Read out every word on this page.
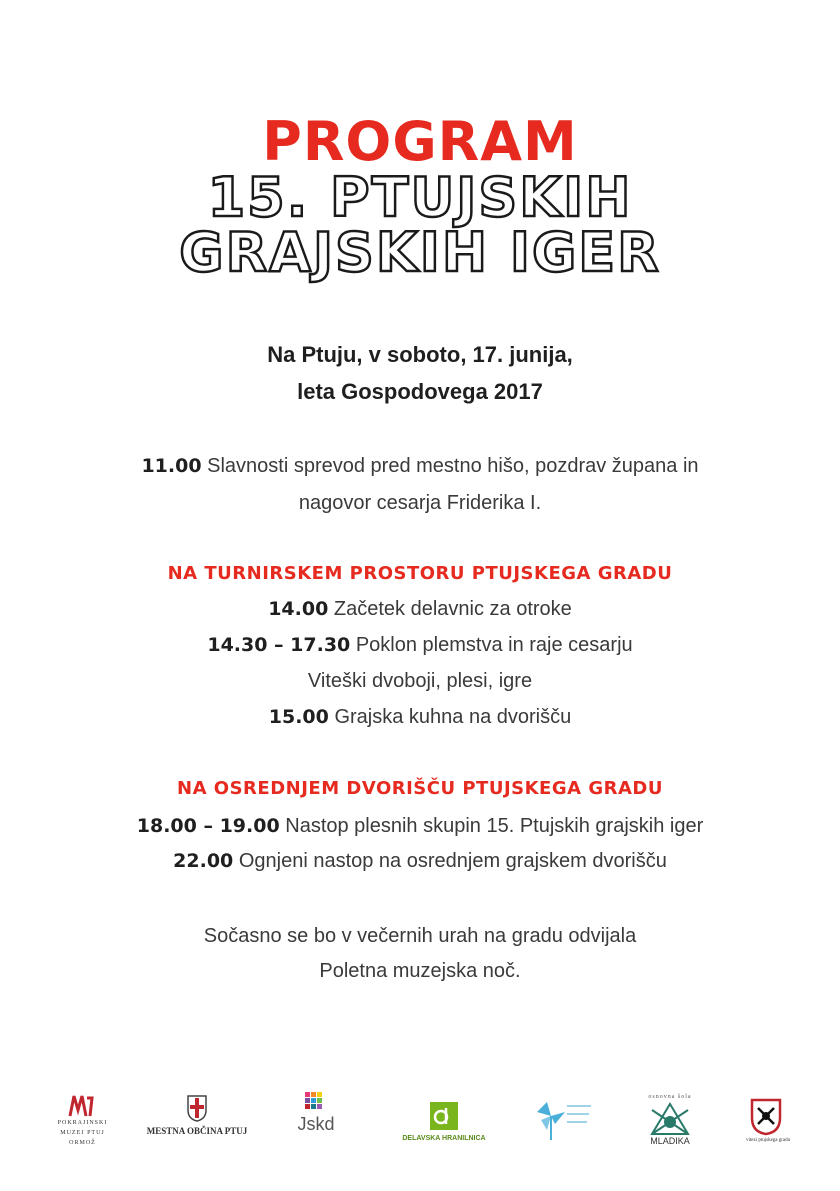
PROGRAM
15. PTUJSKIH
GRAJSKIH IGER
Na Ptuju, v soboto, 17. junija,
leta Gospodovega 2017
11.00 Slavnosti sprevod pred mestno hišo, pozdrav župana in
nagovor cesarja Friderika I.
NA TURNIRSKEM PROSTORU PTUJSKEGA GRADU
14.00 Začetek delavnic za otroke
14.30 – 17.30 Poklon plemstva in raje cesarju
Viteški dvoboji, plesi, igre
15.00 Grajska kuhna na dvorišču
NA OSREDNJEM DVORIŠČU PTUJSKEGA GRADU
18.00 – 19.00 Nastop plesnih skupin 15. Ptujskih grajskih iger
22.00 Ognjeni nastop na osrednjem grajskem dvorišču
Sočasno se bo v večernih urah na gradu odvijala
Poletna muzejska noč.
POKRAJINSKI MUZEJ PTUJ ORMOŽ
MESTNA OBČINA PTUJ	Jskd
DELAVSKA HRANILNICA
osnovna šola
MLADIKA	vitezi ptujskega gradu
